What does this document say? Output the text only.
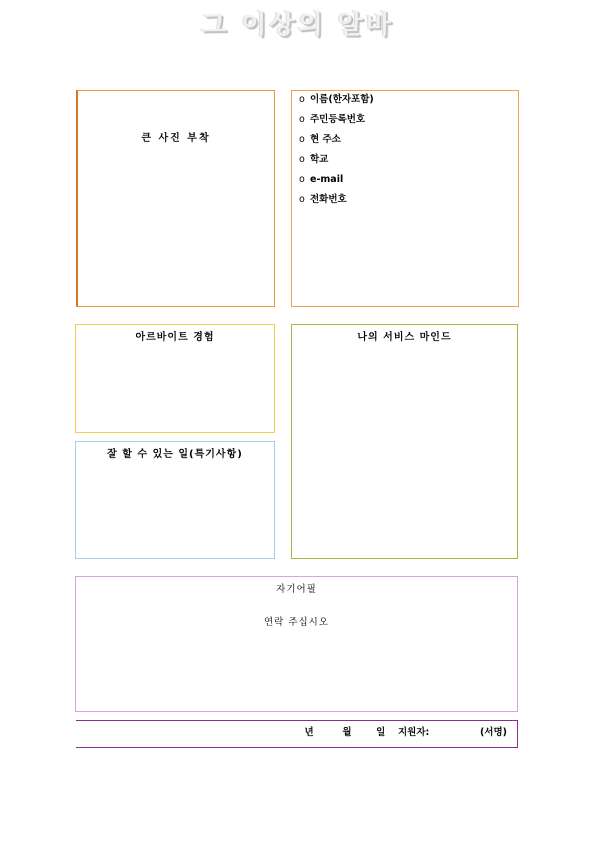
그 이상의 알바
큰 사진 부착
o 이름(한자포함)
o 주민등록번호
o 현 주소
o 학교
o e-mail
o 전화번호
아르바이트 경험	나의 서비스 마인드
잘 할 수 있는 일(특기사항)
자기어필
연락 주십시오
년	월	일 지원자:	(서명)
